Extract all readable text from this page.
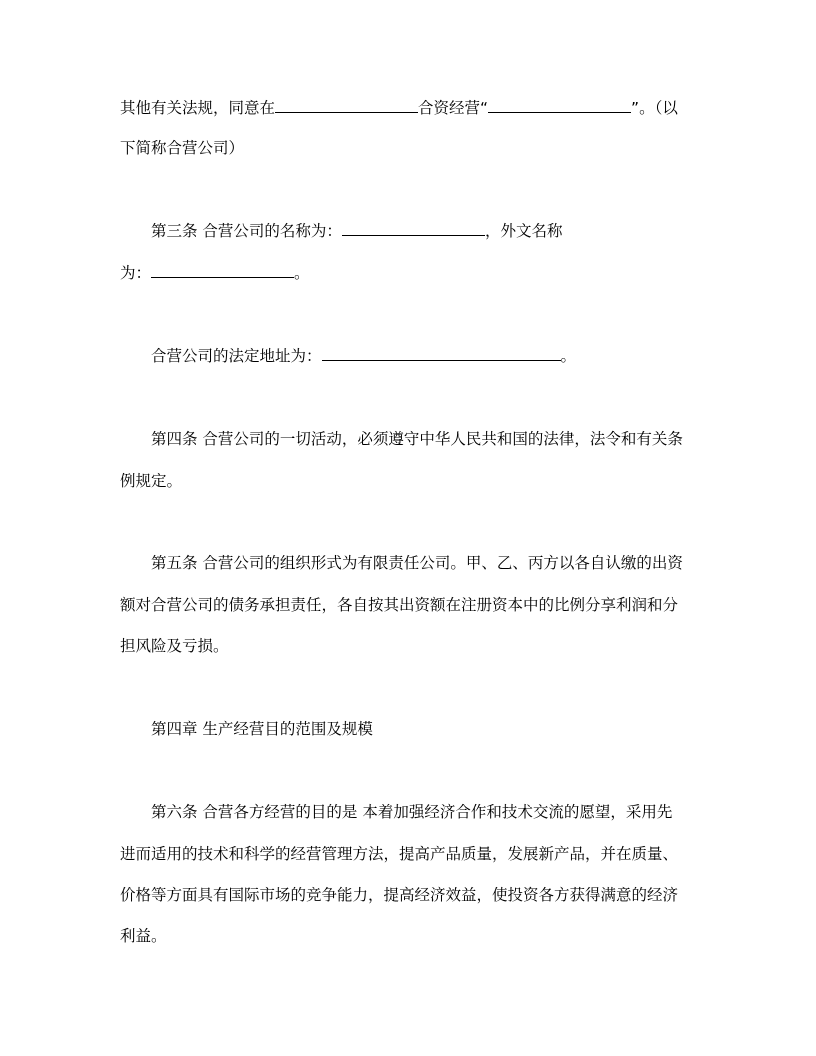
其他有关法规，同意在	合资经营“	”。（以
下简称合营公司）
第三条 合营公司的名称为：	，外文名称
为：	。
合营公司的法定地址为：	。
第四条 合营公司的一切活动，必须遵守中华人民共和国的法律，法令和有关条
例规定。
第五条 合营公司的组织形式为有限责任公司。甲、乙、丙方以各自认缴的出资
额对合营公司的债务承担责任，各自按其出资额在注册资本中的比例分享利润和分
担风险及亏损。
第四章 生产经营目的范围及规模
第六条 合营各方经营的目的是 本着加强经济合作和技术交流的愿望，采用先
进而适用的技术和科学的经营管理方法，提高产品质量，发展新产品，并在质量、
价格等方面具有国际市场的竞争能力，提高经济效益，使投资各方获得满意的经济
利益。
